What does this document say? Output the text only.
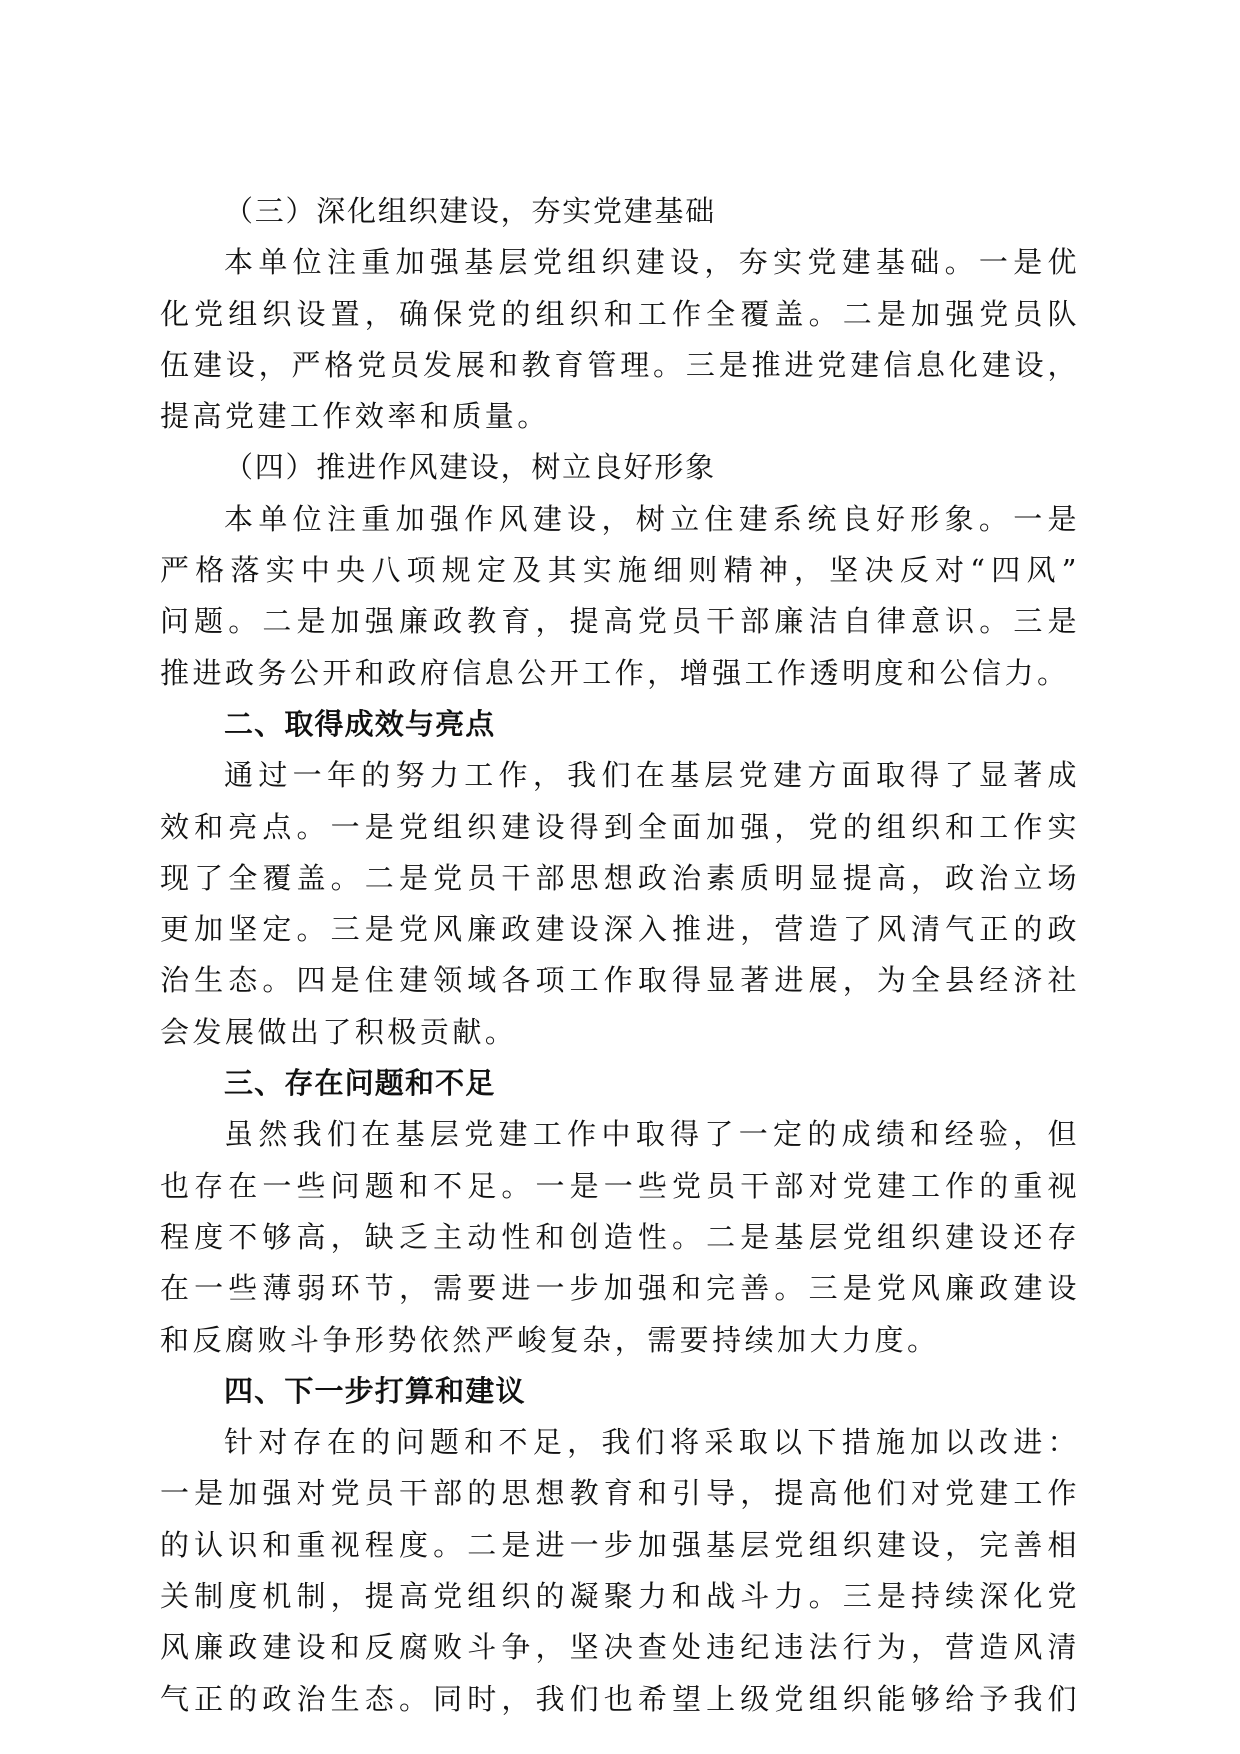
（三）深化组织建设，夯实党建基础
本单位注重加强基层党组织建设，夯实党建基础。一是优
化党组织设置，确保党的组织和工作全覆盖。二是加强党员队
伍建设，严格党员发展和教育管理。三是推进党建信息化建设，
提高党建工作效率和质量。
（四）推进作风建设，树立良好形象
本单位注重加强作风建设，树立住建系统良好形象。一是
严格落实中央八项规定及其实施细则精神，坚决反对“四风”
问题。二是加强廉政教育，提高党员干部廉洁自律意识。三是
推进政务公开和政府信息公开工作，增强工作透明度和公信力。
二、取得成效与亮点
通过一年的努力工作，我们在基层党建方面取得了显著成
效和亮点。一是党组织建设得到全面加强，党的组织和工作实
现了全覆盖。二是党员干部思想政治素质明显提高，政治立场
更加坚定。三是党风廉政建设深入推进，营造了风清气正的政
治生态。四是住建领域各项工作取得显著进展，为全县经济社
会发展做出了积极贡献。
三、存在问题和不足
虽然我们在基层党建工作中取得了一定的成绩和经验，但
也存在一些问题和不足。一是一些党员干部对党建工作的重视
程度不够高，缺乏主动性和创造性。二是基层党组织建设还存
在一些薄弱环节，需要进一步加强和完善。三是党风廉政建设
和反腐败斗争形势依然严峻复杂，需要持续加大力度。
四、下一步打算和建议
针对存在的问题和不足，我们将采取以下措施加以改进：
一是加强对党员干部的思想教育和引导，提高他们对党建工作
的认识和重视程度。二是进一步加强基层党组织建设，完善相
关制度机制，提高党组织的凝聚力和战斗力。三是持续深化党
风廉政建设和反腐败斗争，坚决查处违纪违法行为，营造风清
气正的政治生态。同时，我们也希望上级党组织能够给予我们
